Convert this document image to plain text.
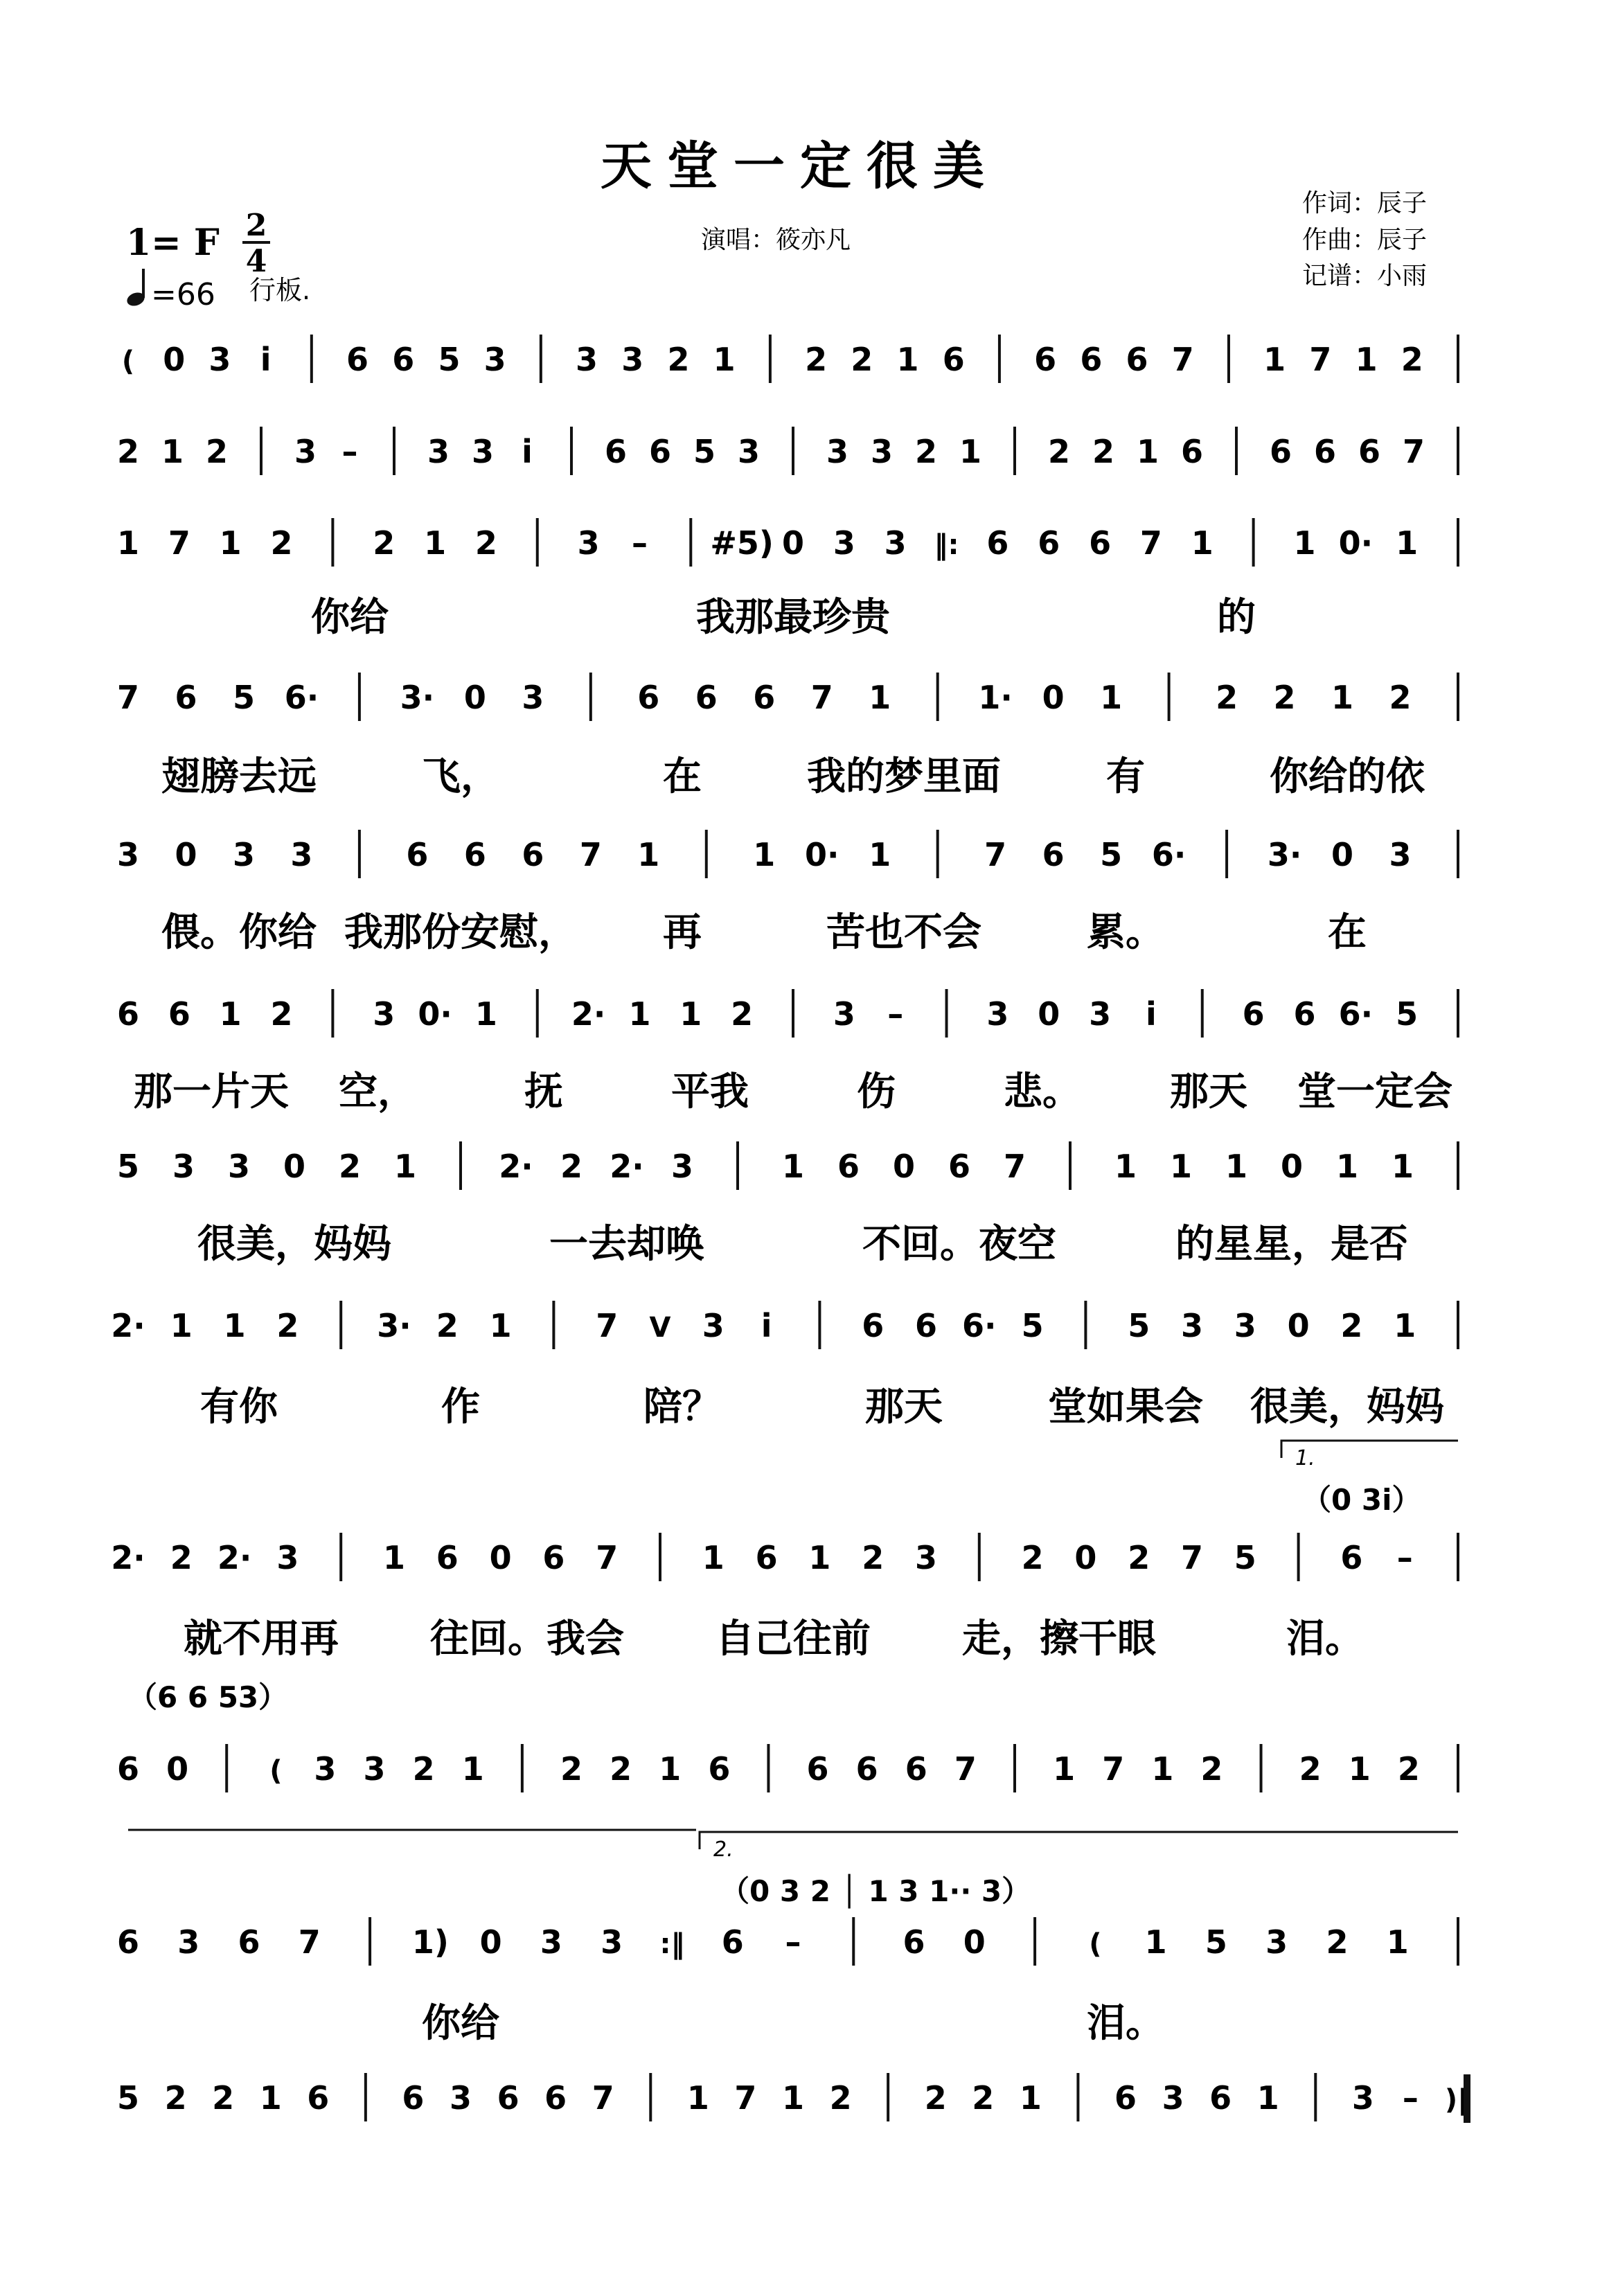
天堂一定很美
演唱：筱亦凡
作词：辰子
作曲：辰子
记谱：小雨
1= F 2
4
=66 行板.
( 0 3 i 6 6 5 3 3 3 2 1 2 2 1 6 6 6 6 7 1 7 1 2
2 1 2 3 – 3 3 i 6 6 5 3 3 3 2 1 2 2 1 6 6 6 6 7
1 7 1 2	2 1 2	3 – #5) 0 3 3 ‖: 6 6 6 7 1	1 0· 1
你给	我那最珍贵	的
7 6 5 6·	3· 0 3	6 6 6 7 1	1· 0 1	2 2 1 2
翅膀去远	飞，	在	我的梦里面	有	你给的依
3 0 3 3	6 6 6 7 1	1 0· 1	7 6 5 6·	3· 0 3
偎。你给 我那份安慰， 再	苦也不会	累。	在
6 6 1 2	3 0· 1 2· 1 1 2	3 –	3 0 3 i	6 6 6· 5
那一片天 空，	抚	平我	伤	悲。 那天 堂一定会
5 3 3 0 2 1	2· 2 2· 3	1 6 0 6 7	1 1 1 0 1 1
很美，妈妈	一去却唤	不回。夜空	的星星，是否
2· 1 1 2 3· 2 1	7 V 3 i	6 6 6· 5	5 3 3 0 2 1
有你	作	陪？	那天	堂如果会 很美，妈妈
2· 2 2· 3	1 6 0 6 7	1 6 1 2 3	2 0 2 7 5	6 –
1.
（0 3i）
就不用再 往回。我会 自己往前 走，擦干眼	泪。
6 0	( 3 3 2 1 2 2 1 6 6 6 6 7 1 7 1 2 2 1 2
（6 6 53）
6 3 6 7	1) 0 3 3 :‖ 6 –	6 0	( 1 5 3 2 1
2.
（0 3 2 │ 1 3 1·· 3）
你给	泪。
5 2 2 1 6 6 3 6 6 7 1 7 1 2 2 2 1 6 3 6 1 3 – )‖
